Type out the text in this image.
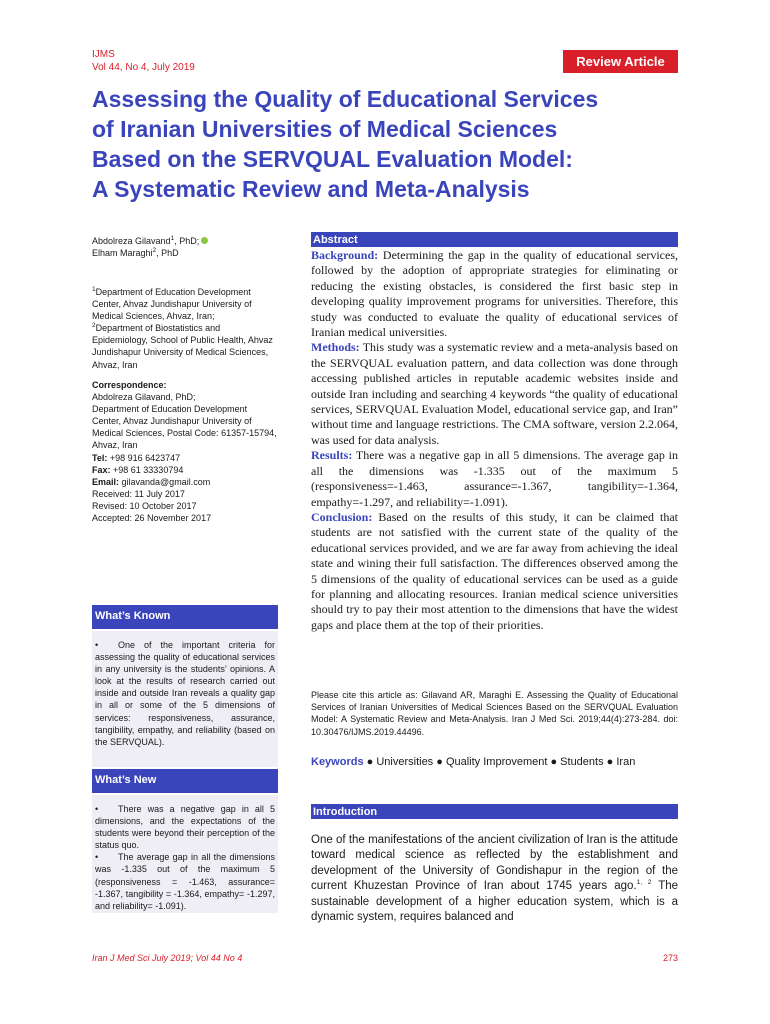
IJMS
Vol 44, No 4, July 2019	Review Article
Assessing the Quality of Educational Services
of Iranian Universities of Medical Sciences
Based on the SERVQUAL Evaluation Model:
A Systematic Review and Meta-Analysis

Abdolreza Gilavand$^1$, PhD;

Elham Maraghi$^2$, PhD

$^1$Department of Education Development Center, Ahvaz Jundishapur University of Medical Sciences, Ahvaz, Iran;

$^2$Department of Biostatistics and Epidemiology, School of Public Health, Ahvaz Jundishapur University of Medical Sciences, Ahvaz, Iran

Correspondence:

Abdolreza Gilavand, PhD;

Department of Education Development Center, Ahvaz Jundishapur University of Medical Sciences, Postal Code: 61357-15794, Ahvaz, Iran

Tel: +98 916 6423747

Fax: +98 61 33330794

Email: gilavanda@gmail.com

Received: 11 July 2017

Revised: 10 October 2017

Accepted: 26 November 2017

What’s Known

• One of the important criteria for assessing the quality of educational services in any university is the students’ opinions. A look at the results of research carried out inside and outside Iran reveals a quality gap in all or some of the 5 dimensions of services: responsiveness, assurance, tangibility, empathy, and reliability (based on the SERVQUAL).

What’s New

• There was a negative gap in all 5 dimensions, and the expectations of the students were beyond their perception of the status quo.

• The average gap in all the dimensions was -1.335 out of the maximum 5 (responsiveness = -1.463, assurance= -1.367, tangibility = -1.364, empathy= -1.297, and reliability= -1.091).

Abstract

Background: Determining the gap in the quality of educational services, followed by the adoption of appropriate strategies for eliminating or reducing the existing obstacles, is considered the first basic step in developing quality improvement programs for universities. Therefore, this study was conducted to evaluate the quality of educational services of Iranian medical universities.

Methods: This study was a systematic review and a meta-analysis based on the SERVQUAL evaluation pattern, and data collection was done through accessing published articles in reputable academic websites inside and outside Iran including and searching 4 keywords “the quality of educational services, SERVQUAL Evaluation Model, educational service gap, and Iran” without time and language restrictions. The CMA software, version 2.2.064, was used for data analysis.

Results: There was a negative gap in all 5 dimensions. The average gap in all the dimensions was -1.335 out of the maximum 5 (responsiveness=-1.463, assurance=-1.367, tangibility=-1.364, empathy=-1.297, and reliability=-1.091).

Conclusion: Based on the results of this study, it can be claimed that students are not satisfied with the current state of the quality of the educational services provided, and we are far away from achieving the ideal state and wining their full satisfaction. The differences observed among the 5 dimensions of the quality of educational services can be used as a guide for planning and allocating resources. Iranian medical science universities should try to pay their most attention to the dimensions that have the widest gaps and place them at the top of their priorities.

Please cite this article as: Gilavand AR, Maraghi E. Assessing the Quality of Educational Services of Iranian Universities of Medical Sciences Based on the SERVQUAL Evaluation Model: A Systematic Review and Meta-Analysis. Iran J Med Sci. 2019;44(4):273-284. doi: 10.30476/IJMS.2019.44496.
Keywords ● Universities ● Quality Improvement ● Students ● Iran
Introduction
One of the manifestations of the ancient civilization of Iran is the attitude toward medical science as reflected by the establishment and development of the University of Gondishapur in the region of the current Khuzestan Province of Iran about 1745 years ago.$^{1, 2}$ The sustainable development of a higher education system, which is a dynamic system, requires balanced and
Iran J Med Sci July 2019; Vol 44 No 4	273
